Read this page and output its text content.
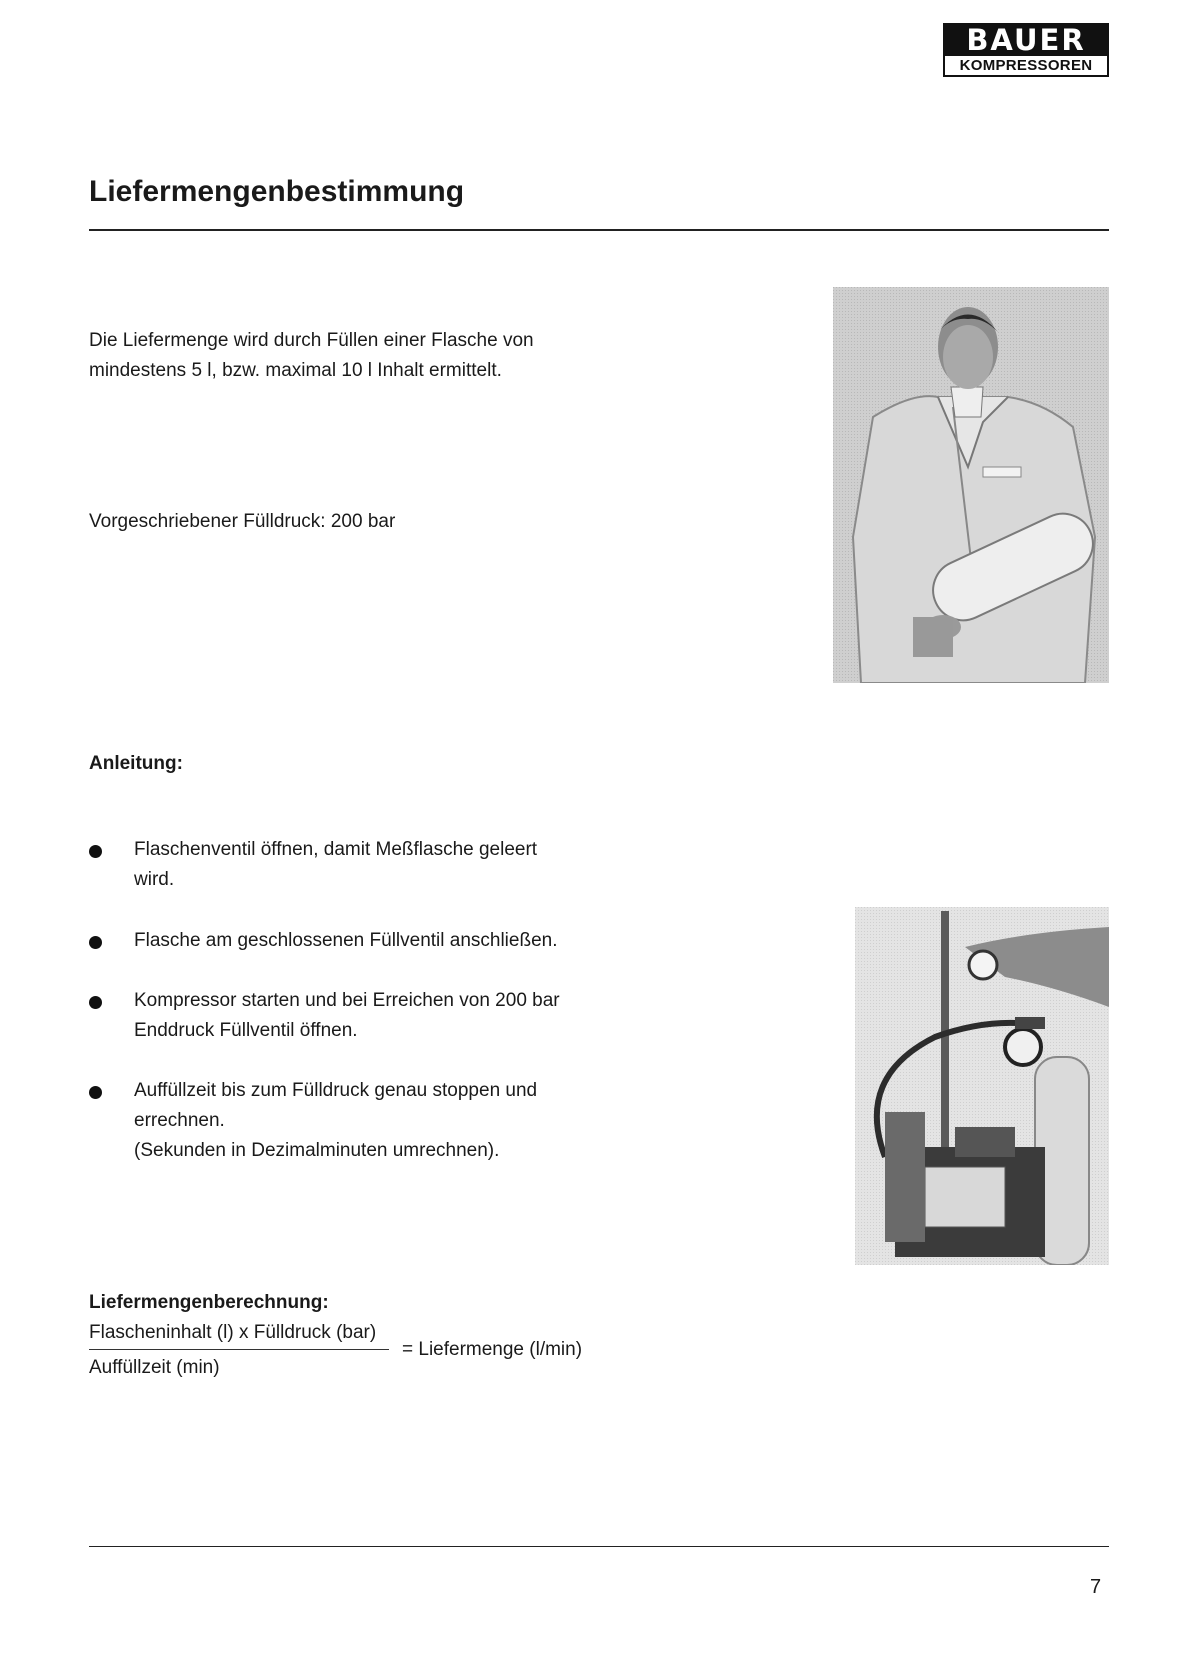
BAUER
KOMPRESSOREN
Liefermengenbestimmung
Die Liefermenge wird durch Füllen einer Flasche von
mindestens 5 l, bzw. maximal 10 l Inhalt ermittelt.
Vorgeschriebener Fülldruck: 200 bar
Anleitung:
Flaschenventil öffnen, damit Meßflasche geleert
wird.
Flasche am geschlossenen Füllventil anschließen.
Kompressor starten und bei Erreichen von 200 bar
Enddruck Füllventil öffnen.
Auffüllzeit bis zum Fülldruck genau stoppen und
errechnen.
(Sekunden in Dezimalminuten umrechnen).
Liefermengenberechnung:
Flascheninhalt (l) x Fülldruck (bar)
Auffüllzeit (min)
= Liefermenge (l/min)
7
